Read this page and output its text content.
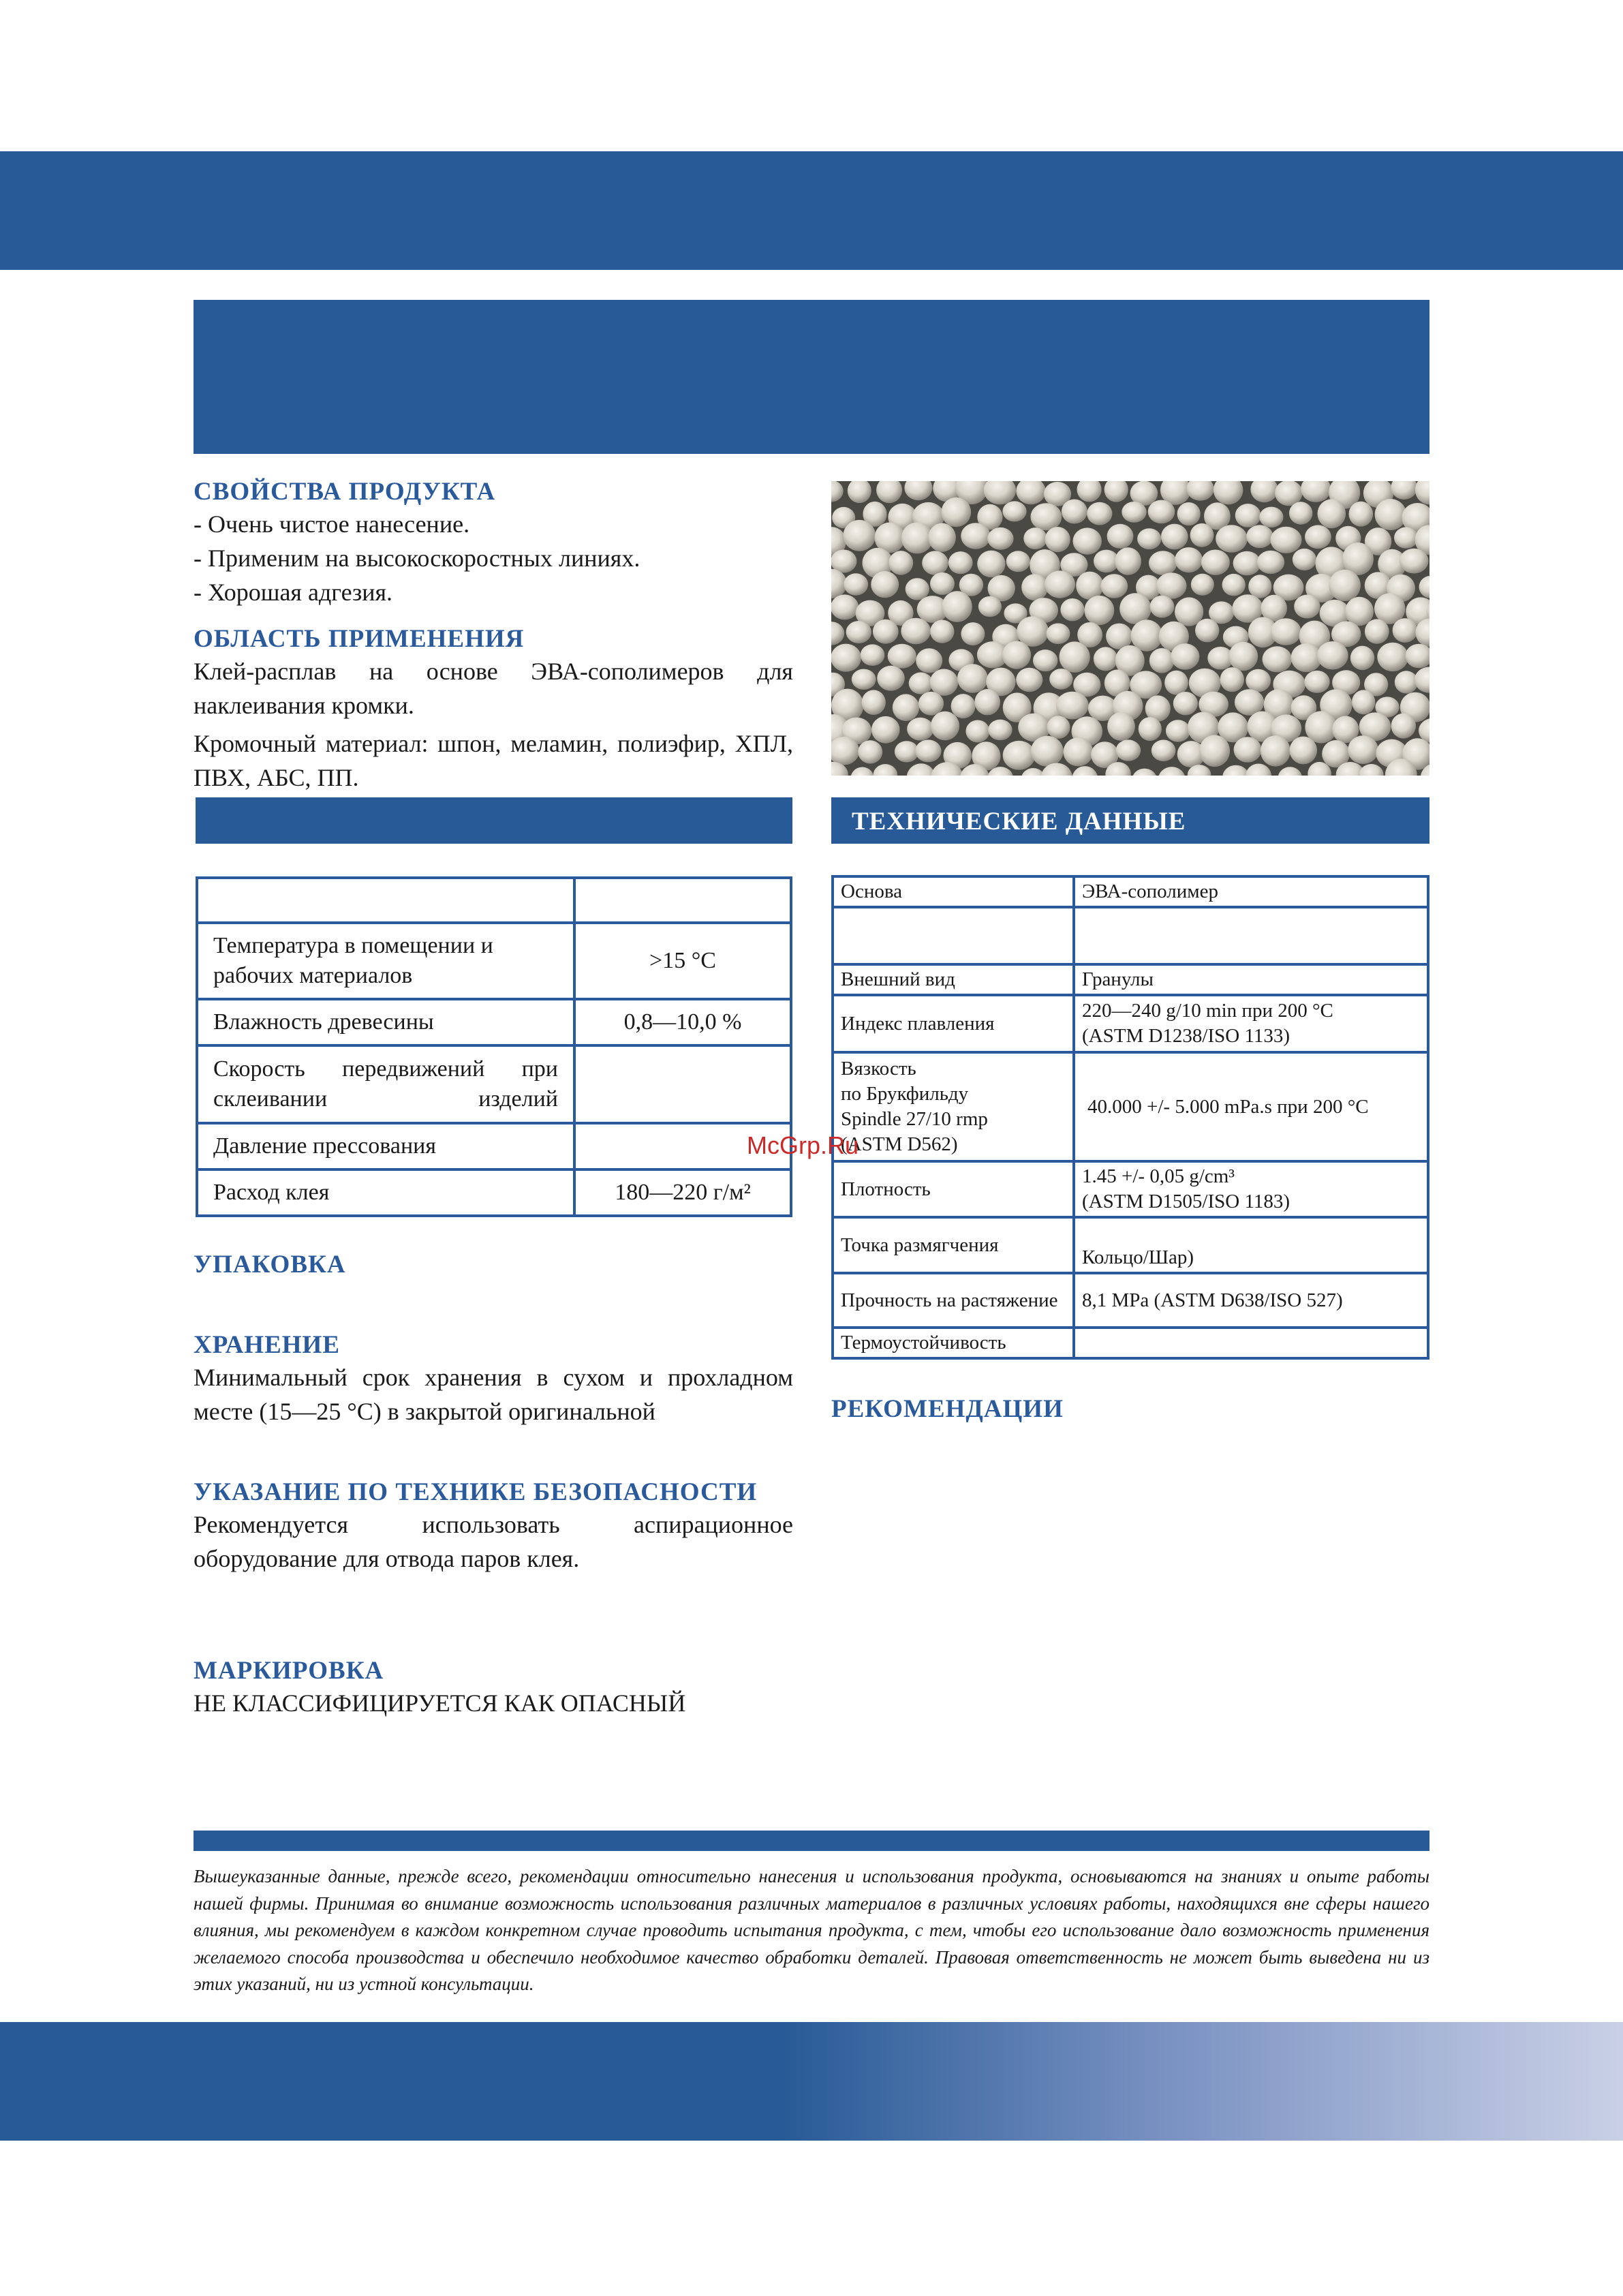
СВОЙСТВА ПРОДУКТА

- Очень чистое нанесение.

- Применим на высокоскоростных линиях.

- Хорошая адгезия.

ОБЛАСТЬ ПРИМЕНЕНИЯ

Клей-расплав на основе ЭВА-сополимеров для наклеивания кромки.

Кромочный материал: шпон, меламин, полиэфир, ХПЛ, ПВХ, АБС, ПП.

Температура в помещении и рабочих материалов	>15 °C
Влажность древесины	0,8—10,0 %
Скорость передвижений при склеивании изделий	
Давление прессования	
Расход клея	180—220 г/м²
УПАКОВКА
ХРАНЕНИЕ
Минимальный срок хранения в сухом и прохладном месте (15—25 °C) в закрытой оригинальной
УКАЗАНИЕ ПО ТЕХНИКЕ БЕЗОПАСНОСТИ
Рекомендуется использовать аспирационное оборудование для отвода паров клея.
МАРКИРОВКА
НЕ КЛАССИФИЦИРУЕТСЯ КАК ОПАСНЫЙ
ТЕХНИЧЕСКИЕ ДАННЫЕ
Основа	ЭВА-сополимер

Внешний вид	Гранулы
Индекс плавления	220—240 g/10 min при 200 °C
(ASTM D1238/ISO 1133)
Вязкость
по Брукфильду
Spindle 27/10 rmp
(ASTM D562)	40.000 +/- 5.000 mPa.s при 200 °C
Плотность	1.45 +/- 0,05 g/cm³
(ASTM D1505/ISO 1183)
Точка размягчения	Кольцо/Шар)
Прочность на растяжение	8,1 MPa (ASTM D638/ISO 527)
Термоустойчивость	
РЕКОМЕНДАЦИИ
McGrp.Ru
Вышеуказанные данные, прежде всего, рекомендации относительно нанесения и использования продукта, основываются на знаниях и опыте работы нашей фирмы. Принимая во внимание возможность использования различных материалов в различных условиях работы, находящихся вне сферы нашего влияния, мы рекомендуем в каждом конкретном случае проводить испытания продукта, с тем, чтобы его использование дало возможность применения желаемого способа производства и обеспечило необходимое качество обработки деталей. Правовая ответственность не может быть выведена ни из этих указаний, ни из устной консультации.
